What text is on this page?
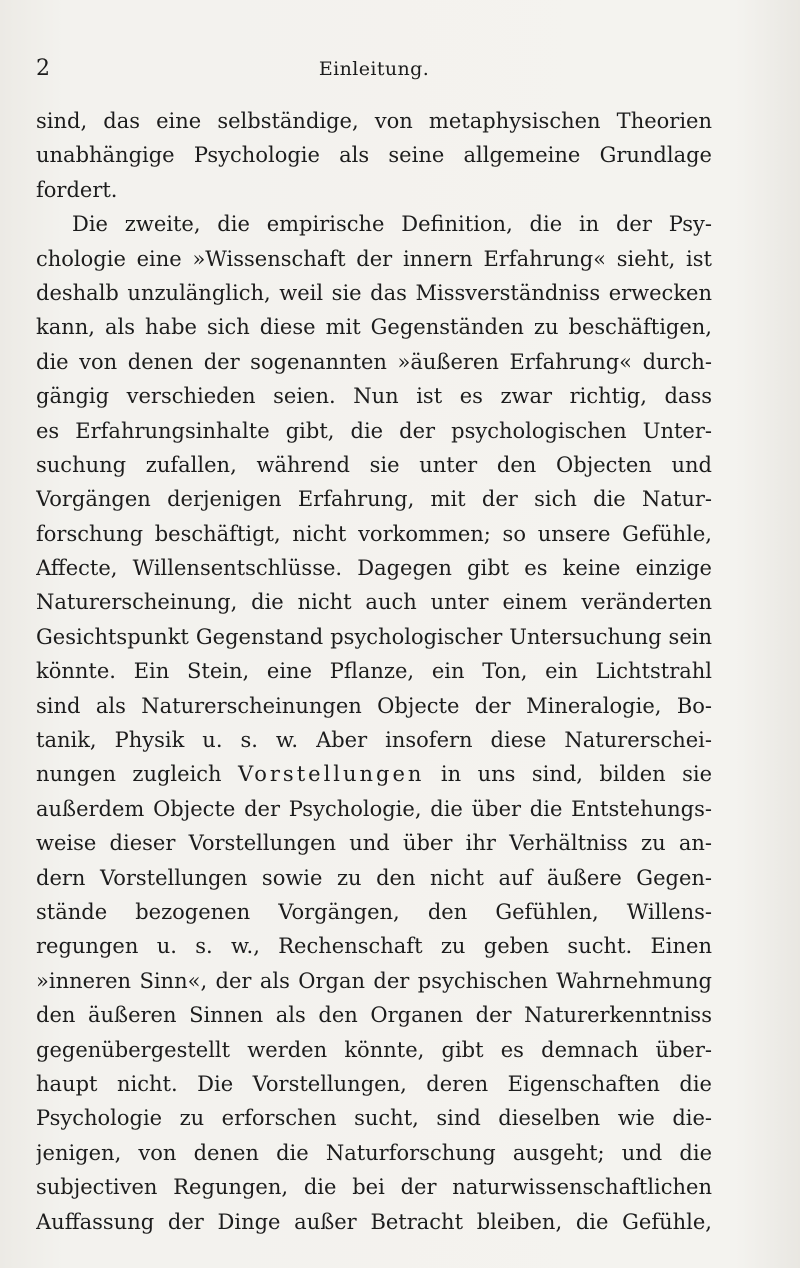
2	Einleitung.
sind, das eine selbständige, von metaphysischen Theorien
unabhängige Psychologie als seine allgemeine Grundlage
fordert.
Die zweite, die empirische Definition, die in der Psy-
chologie eine »Wissenschaft der innern Erfahrung« sieht, ist
deshalb unzulänglich, weil sie das Missverständniss erwecken
kann, als habe sich diese mit Gegenständen zu beschäftigen,
die von denen der sogenannten »äußeren Erfahrung« durch-
gängig verschieden seien. Nun ist es zwar richtig, dass
es Erfahrungsinhalte gibt, die der psychologischen Unter-
suchung zufallen, während sie unter den Objecten und
Vorgängen derjenigen Erfahrung, mit der sich die Natur-
forschung beschäftigt, nicht vorkommen; so unsere Gefühle,
Affecte, Willensentschlüsse. Dagegen gibt es keine einzige
Naturerscheinung, die nicht auch unter einem veränderten
Gesichtspunkt Gegenstand psychologischer Untersuchung sein
könnte. Ein Stein, eine Pflanze, ein Ton, ein Lichtstrahl
sind als Naturerscheinungen Objecte der Mineralogie, Bo-
tanik, Physik u. s. w. Aber insofern diese Naturerschei-
nungen zugleich Vorstellungen in uns sind, bilden sie
außerdem Objecte der Psychologie, die über die Entstehungs-
weise dieser Vorstellungen und über ihr Verhältniss zu an-
dern Vorstellungen sowie zu den nicht auf äußere Gegen-
stände bezogenen Vorgängen, den Gefühlen, Willens-
regungen u. s. w., Rechenschaft zu geben sucht. Einen
»inneren Sinn«, der als Organ der psychischen Wahrnehmung
den äußeren Sinnen als den Organen der Naturerkenntniss
gegenübergestellt werden könnte, gibt es demnach über-
haupt nicht. Die Vorstellungen, deren Eigenschaften die
Psychologie zu erforschen sucht, sind dieselben wie die-
jenigen, von denen die Naturforschung ausgeht; und die
subjectiven Regungen, die bei der naturwissenschaftlichen
Auffassung der Dinge außer Betracht bleiben, die Gefühle,
